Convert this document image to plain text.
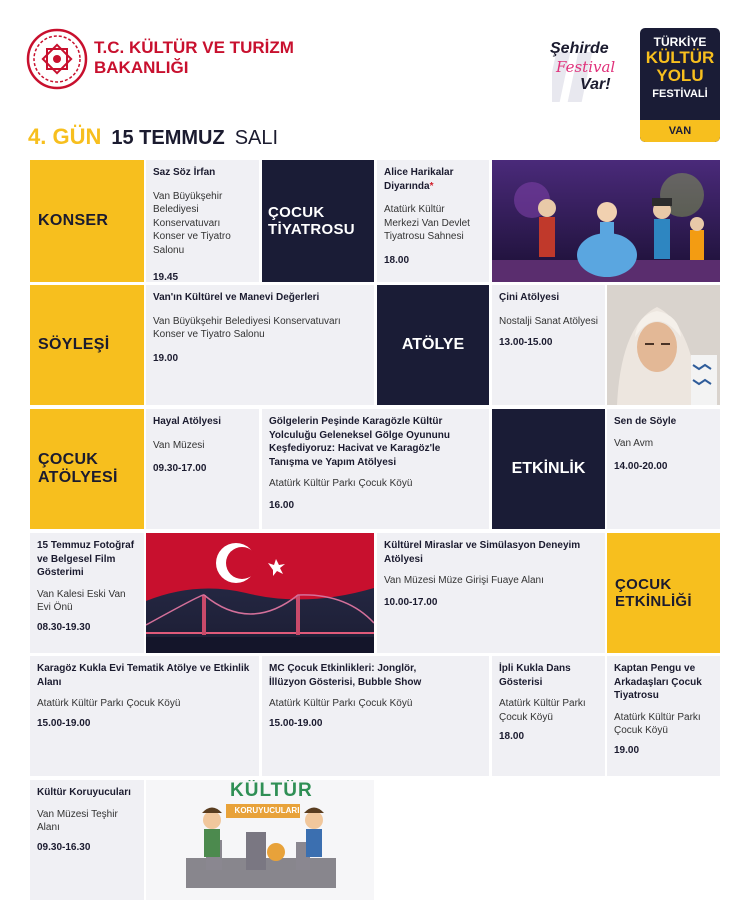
T.C. KÜLTÜR VE TURİZM
BAKANLIĞI
Şehirde
Festival
Var!
TÜRKİYE
KÜLTÜR
YOLU
FESTİVALİ
VAN
4. GÜN 15 TEMMUZ SALI
KONSER
Saz Söz İrfan
Van Büyükşehir Belediyesi Konservatuvarı Konser ve Tiyatro Salonu
19.45
ÇOCUK TİYATROSU
Alice Harikalar Diyarında*
Atatürk Kültür Merkezi Van Devlet Tiyatrosu Sahnesi
18.00
SÖYLEŞİ
Van'ın Kültürel ve Manevi Değerleri
Van Büyükşehir Belediyesi Konservatuvarı Konser ve Tiyatro Salonu
19.00
ATÖLYE
Çini Atölyesi
Nostalji Sanat Atölyesi
13.00-15.00
ÇOCUK ATÖLYESİ
Hayal Atölyesi
Van Müzesi
09.30-17.00
Gölgelerin Peşinde Karagözle Kültür Yolculuğu Geleneksel Gölge Oyununu Keşfediyoruz: Hacivat ve Karagöz'le Tanışma ve Yapım Atölyesi
Atatürk Kültür Parkı Çocuk Köyü
16.00
ETKİNLİK
Sen de Söyle
Van Avm
14.00-20.00
15 Temmuz Fotoğraf ve Belgesel Film Gösterimi
Van Kalesi Eski Van Evi Önü
08.30-19.30
Kültürel Miraslar ve Simülasyon Deneyim Atölyesi
Van Müzesi Müze Girişi Fuaye Alanı
10.00-17.00
ÇOCUK ETKİNLİĞİ
Karagöz Kukla Evi Tematik Atölye ve Etkinlik Alanı
Atatürk Kültür Parkı Çocuk Köyü
15.00-19.00
MC Çocuk Etkinlikleri: Jonglör, İllüzyon Gösterisi, Bubble Show
Atatürk Kültür Parkı Çocuk Köyü
15.00-19.00
İpli Kukla Dans Gösterisi
Atatürk Kültür Parkı Çocuk Köyü
18.00
Kaptan Pengu ve Arkadaşları Çocuk Tiyatrosu
Atatürk Kültür Parkı Çocuk Köyü
19.00
Kültür Koruyucuları
Van Müzesi Teşhir Alanı
09.30-16.30
KÜLTÜR
KORUYUCULARI
